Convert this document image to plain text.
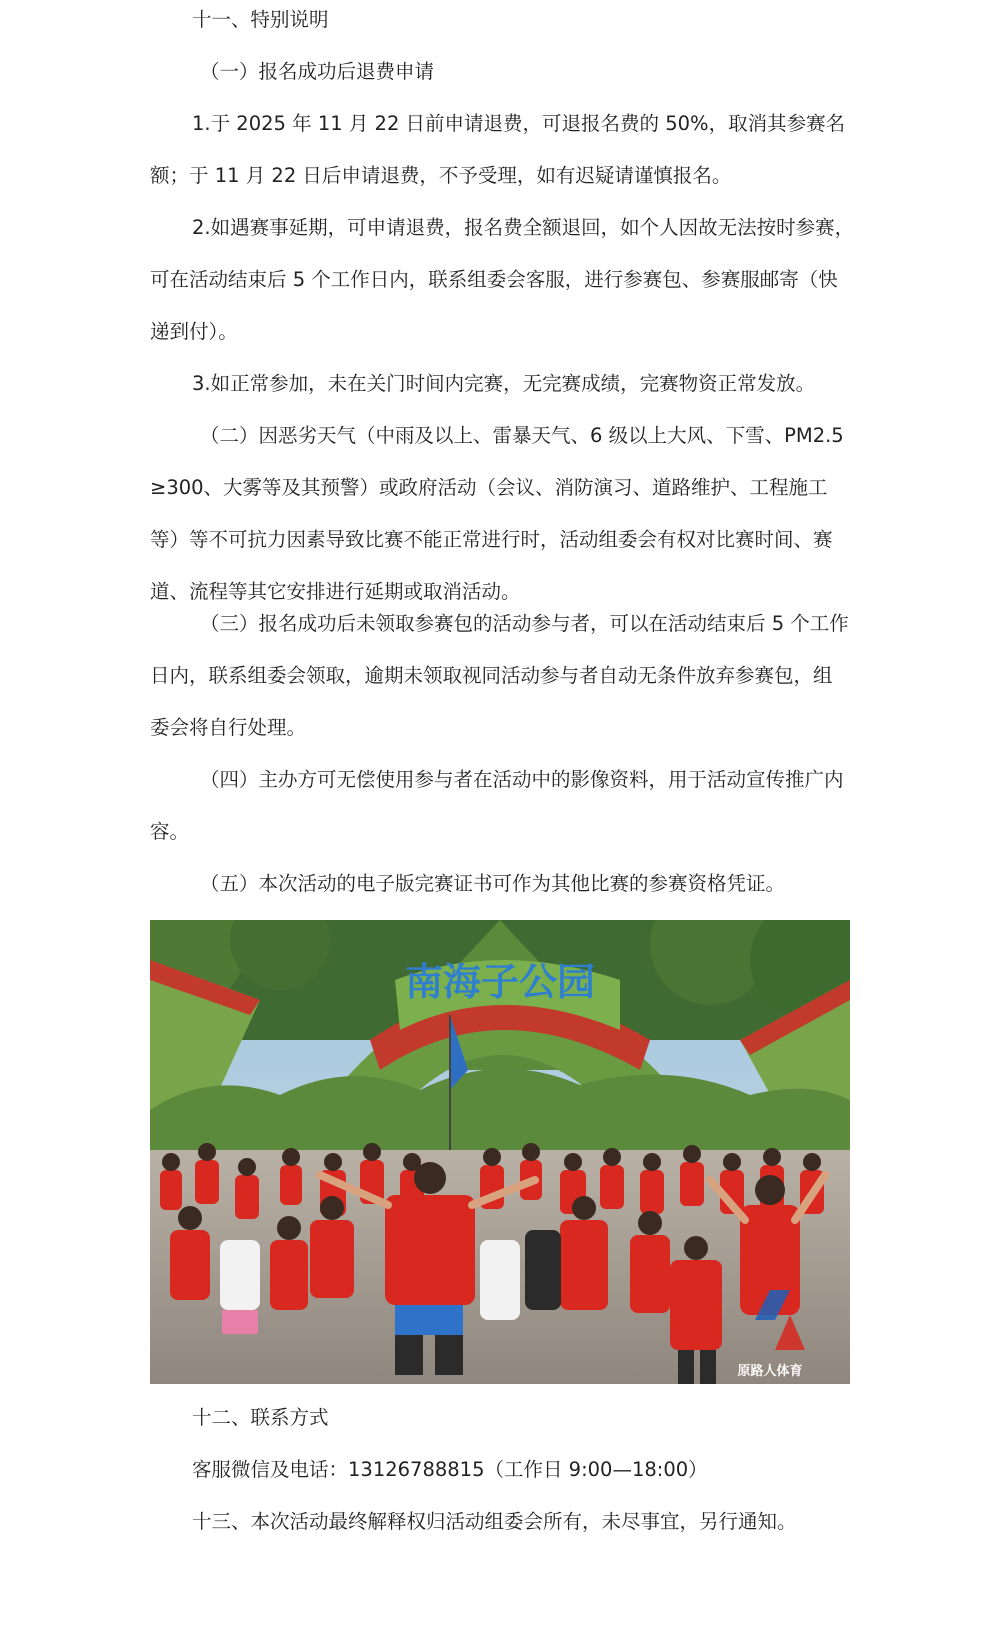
十一、特别说明
（一）报名成功后退费申请
1.于 2025 年 11 月 22 日前申请退费，可退报名费的 50%，取消其参赛名
额；于 11 月 22 日后申请退费，不予受理，如有迟疑请谨慎报名。
2.如遇赛事延期，可申请退费，报名费全额退回，如个人因故无法按时参赛，
可在活动结束后 5 个工作日内，联系组委会客服，进行参赛包、参赛服邮寄（快
递到付）。
3.如正常参加，未在关门时间内完赛，无完赛成绩，完赛物资正常发放。
（二）因恶劣天气（中雨及以上、雷暴天气、6 级以上大风、下雪、PM2.5
≥300、大雾等及其预警）或政府活动（会议、消防演习、道路维护、工程施工
等）等不可抗力因素导致比赛不能正常进行时，活动组委会有权对比赛时间、赛
道、流程等其它安排进行延期或取消活动。
（三）报名成功后未领取参赛包的活动参与者，可以在活动结束后 5 个工作
日内，联系组委会领取，逾期未领取视同活动参与者自动无条件放弃参赛包，组
委会将自行处理。
（四）主办方可无偿使用参与者在活动中的影像资料，用于活动宣传推广内
容。
（五）本次活动的电子版完赛证书可作为其他比赛的参赛资格凭证。
南海子公园
原路人体育
十二、联系方式
客服微信及电话：13126788815（工作日 9:00—18:00）
十三、本次活动最终解释权归活动组委会所有，未尽事宜，另行通知。
